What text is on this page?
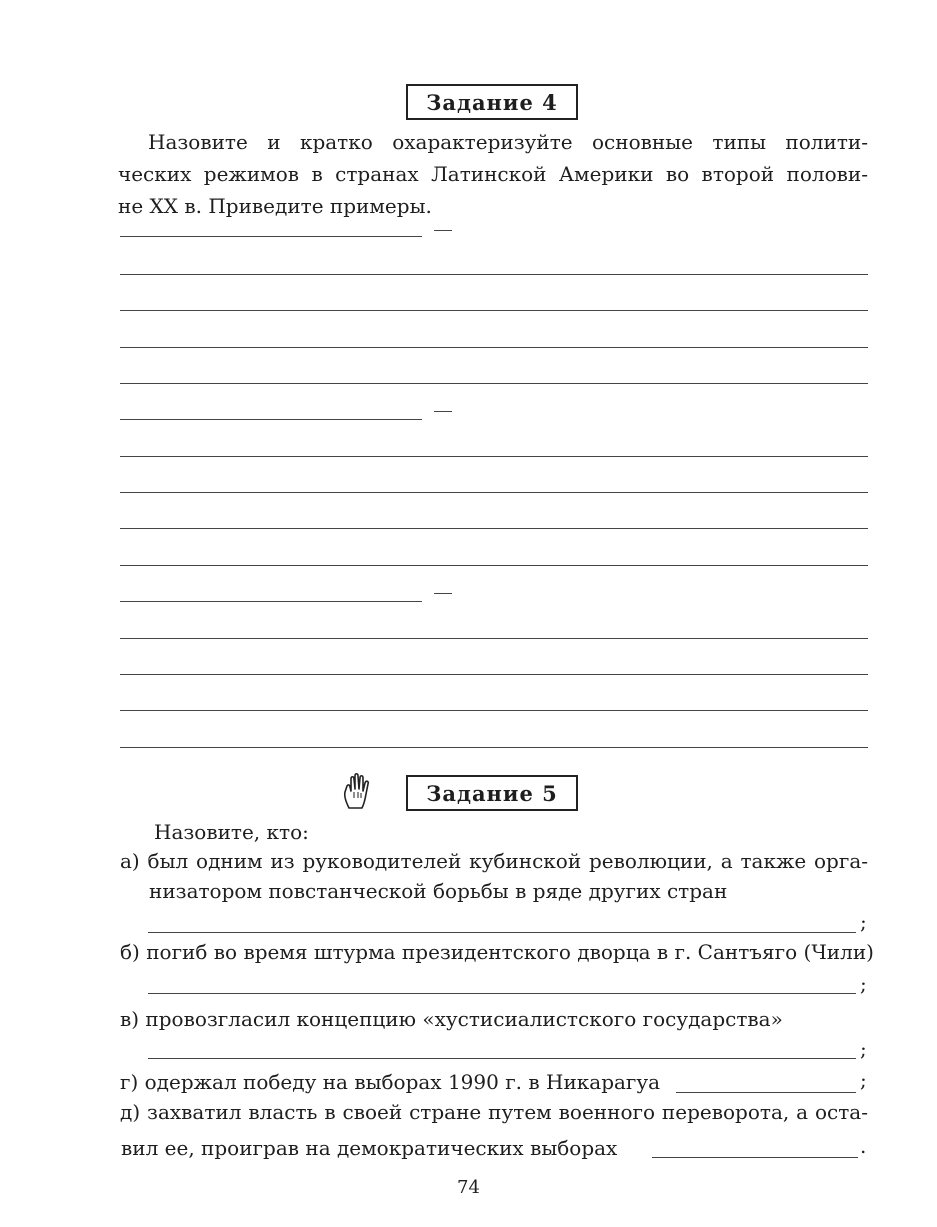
Задание 4
Назовите и кратко охарактеризуйте основные типы полити-
ческих режимов в странах Латинской Америки во второй полови-
не XX в. Приведите примеры.
Задание 5
Назовите, кто:
а) был одним из руководителей кубинской революции, а также орга-
низатором повстанческой борьбы в ряде других стран
;
б) погиб во время штурма президентского дворца в г. Сантъяго (Чили)
;
в) провозгласил концепцию «хустисиалистского государства»
;
г) одержал победу на выборах 1990 г. в Никарагуа	;
д) захватил власть в своей стране путем военного переворота, а оста-
вил ее, проиграв на демократических выборах	.
74
